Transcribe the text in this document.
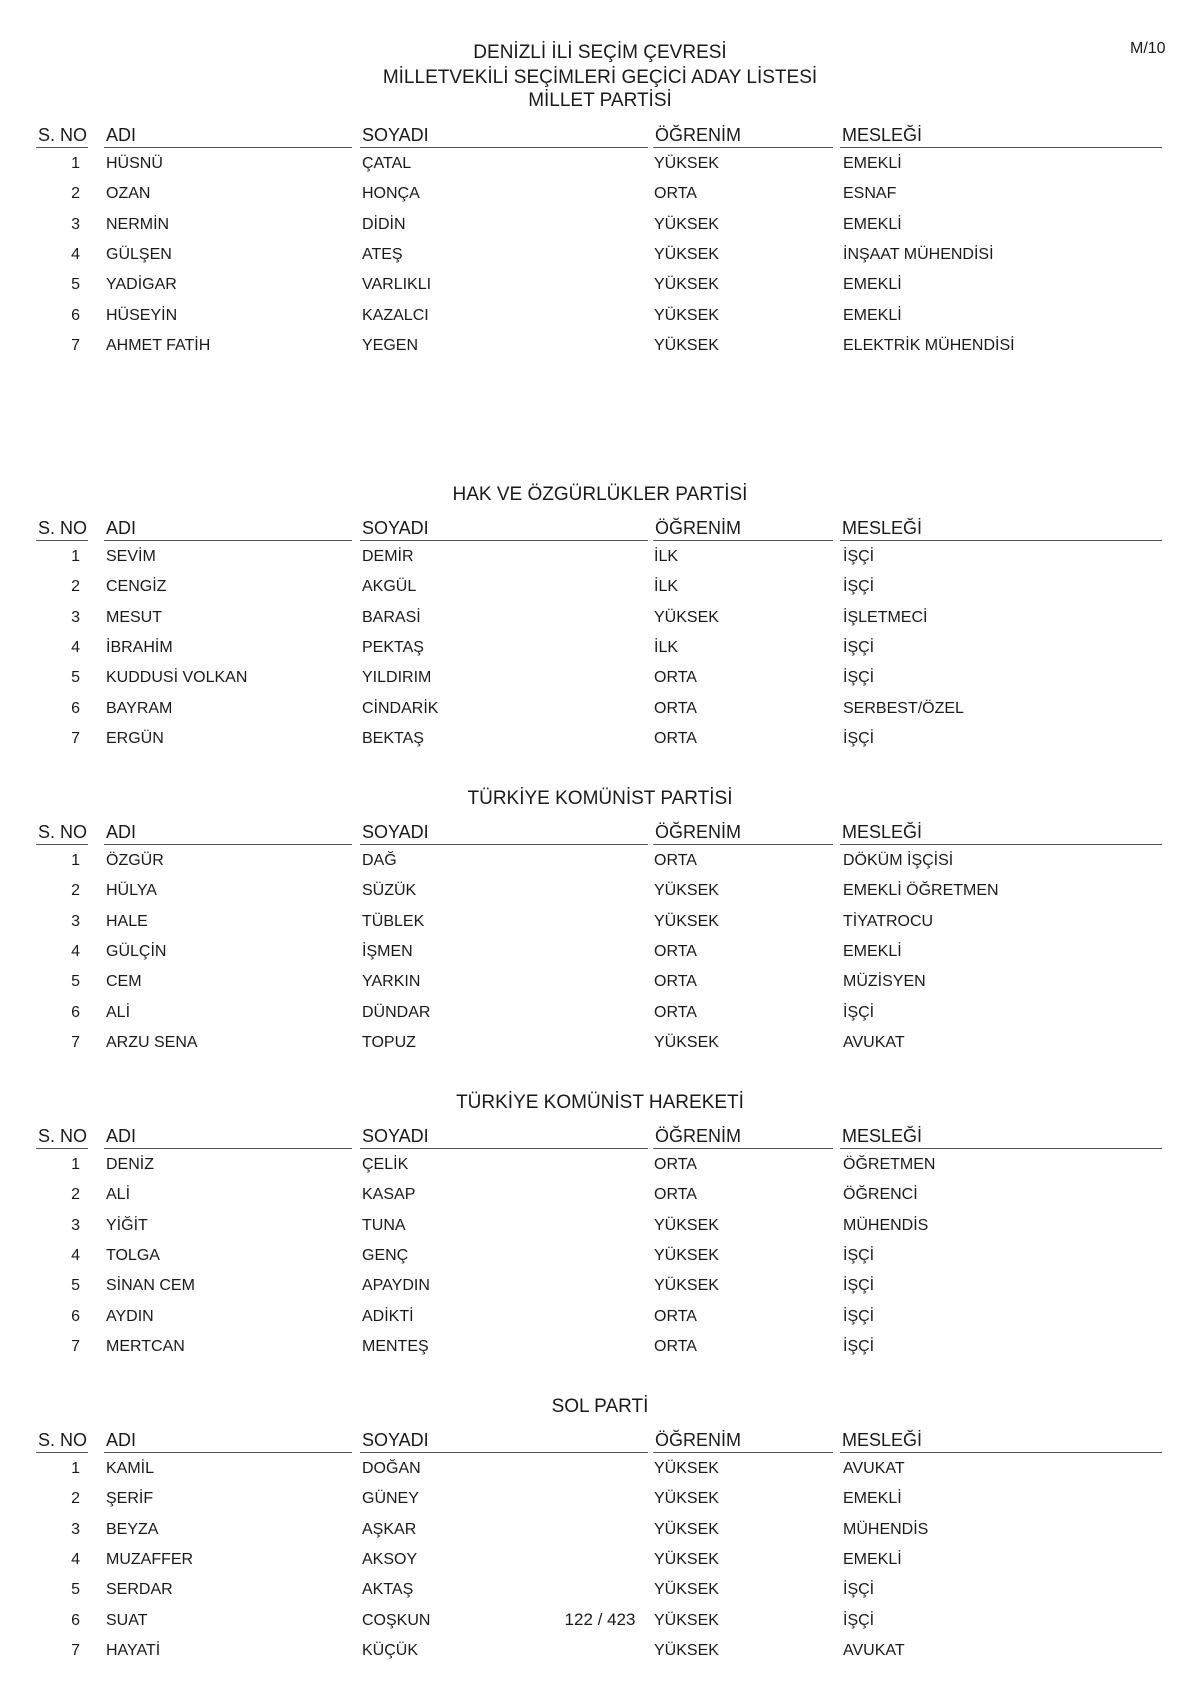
M/10
DENİZLİ İLİ SEÇİM ÇEVRESİ
MİLLETVEKİLİ SEÇİMLERİ GEÇİCİ ADAY LİSTESİ
MİLLET PARTİSİ
S. NO ADI	SOYADI	ÖĞRENİM	MESLEĞİ
1 HÜSNÜ	ÇATAL	YÜKSEK	EMEKLİ
2 OZAN	HONÇA	ORTA	ESNAF
3 NERMİN	DİDİN	YÜKSEK	EMEKLİ
4 GÜLŞEN	ATEŞ	YÜKSEK	İNŞAAT MÜHENDİSİ
5 YADİGAR	VARLIKLI	YÜKSEK	EMEKLİ
6 HÜSEYİN	KAZALCI	YÜKSEK	EMEKLİ
7 AHMET FATİH	YEGEN	YÜKSEK	ELEKTRİK MÜHENDİSİ
HAK VE ÖZGÜRLÜKLER PARTİSİ
S. NO ADI	SOYADI	ÖĞRENİM	MESLEĞİ
1 SEVİM	DEMİR	İLK	İŞÇİ
2 CENGİZ	AKGÜL	İLK	İŞÇİ
3 MESUT	BARASİ	YÜKSEK	İŞLETMECİ
4 İBRAHİM	PEKTAŞ	İLK	İŞÇİ
5 KUDDUSİ VOLKAN	YILDIRIM	ORTA	İŞÇİ
6 BAYRAM	CİNDARİK	ORTA	SERBEST/ÖZEL
7 ERGÜN	BEKTAŞ	ORTA	İŞÇİ
TÜRKİYE KOMÜNİST PARTİSİ
S. NO ADI	SOYADI	ÖĞRENİM	MESLEĞİ
1 ÖZGÜR	DAĞ	ORTA	DÖKÜM İŞÇİSİ
2 HÜLYA	SÜZÜK	YÜKSEK	EMEKLİ ÖĞRETMEN
3 HALE	TÜBLEK	YÜKSEK	TİYATROCU
4 GÜLÇİN	İŞMEN	ORTA	EMEKLİ
5 CEM	YARKIN	ORTA	MÜZİSYEN
6 ALİ	DÜNDAR	ORTA	İŞÇİ
7 ARZU SENA	TOPUZ	YÜKSEK	AVUKAT
TÜRKİYE KOMÜNİST HAREKETİ
S. NO ADI	SOYADI	ÖĞRENİM	MESLEĞİ
1 DENİZ	ÇELİK	ORTA	ÖĞRETMEN
2 ALİ	KASAP	ORTA	ÖĞRENCİ
3 YİĞİT	TUNA	YÜKSEK	MÜHENDİS
4 TOLGA	GENÇ	YÜKSEK	İŞÇİ
5 SİNAN CEM	APAYDIN	YÜKSEK	İŞÇİ
6 AYDIN	ADİKTİ	ORTA	İŞÇİ
7 MERTCAN	MENTEŞ	ORTA	İŞÇİ
SOL PARTİ
S. NO ADI	SOYADI	ÖĞRENİM	MESLEĞİ
1 KAMİL	DOĞAN	YÜKSEK	AVUKAT
2 ŞERİF	GÜNEY	YÜKSEK	EMEKLİ
3 BEYZA	AŞKAR	YÜKSEK	MÜHENDİS
4 MUZAFFER	AKSOY	YÜKSEK	EMEKLİ
5 SERDAR	AKTAŞ	YÜKSEK	İŞÇİ
6 SUAT	COŞKUN	YÜKSEK	İŞÇİ
7 HAYATİ	KÜÇÜK	YÜKSEK	AVUKAT
122 / 423
